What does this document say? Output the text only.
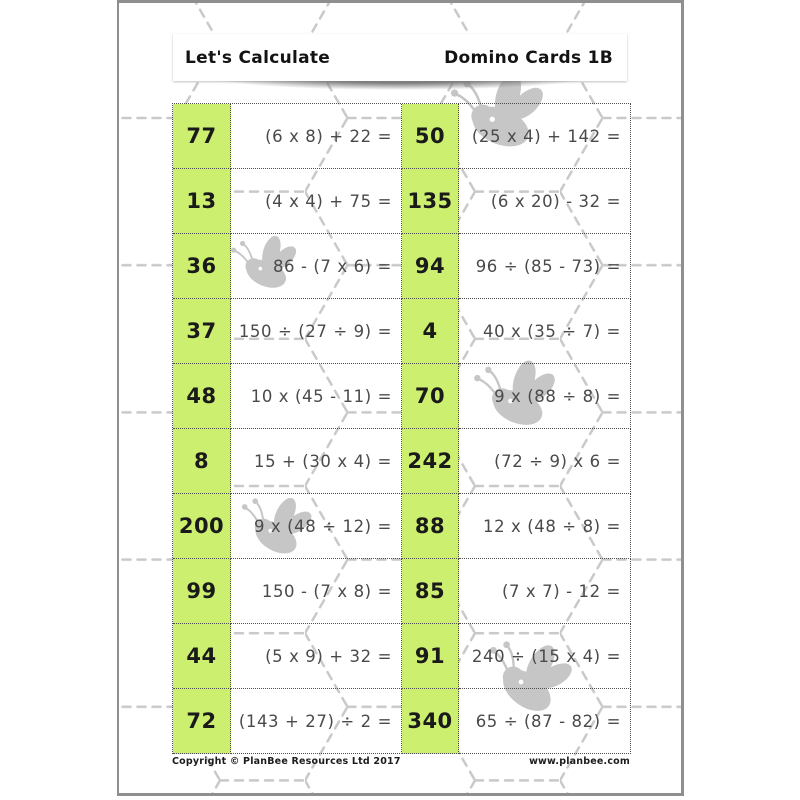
Let's Calculate	Domino Cards 1B
77	(6 x 8) + 22 =	50	(25 x 4) + 142 =
13	(4 x 4) + 75 = 135	(6 x 20) - 32 =
36	86 - (7 x 6) =	94	96 ÷ (85 - 73) =
37	150 ÷ (27 ÷ 9) =	4	40 x (35 ÷ 7) =
48	10 x (45 - 11) =	70	9 x (88 ÷ 8) =
8	15 + (30 x 4) = 242	(72 ÷ 9) x 6 =
200	9 x (48 ÷ 12) =	88	12 x (48 ÷ 8) =
99	150 - (7 x 8) =	85	(7 x 7) - 12 =
44	(5 x 9) + 32 =	91	240 ÷ (15 x 4) =
72	(143 + 27) ÷ 2 = 340	65 ÷ (87 - 82) =
Copyright © PlanBee Resources Ltd 2017	www.planbee.com
